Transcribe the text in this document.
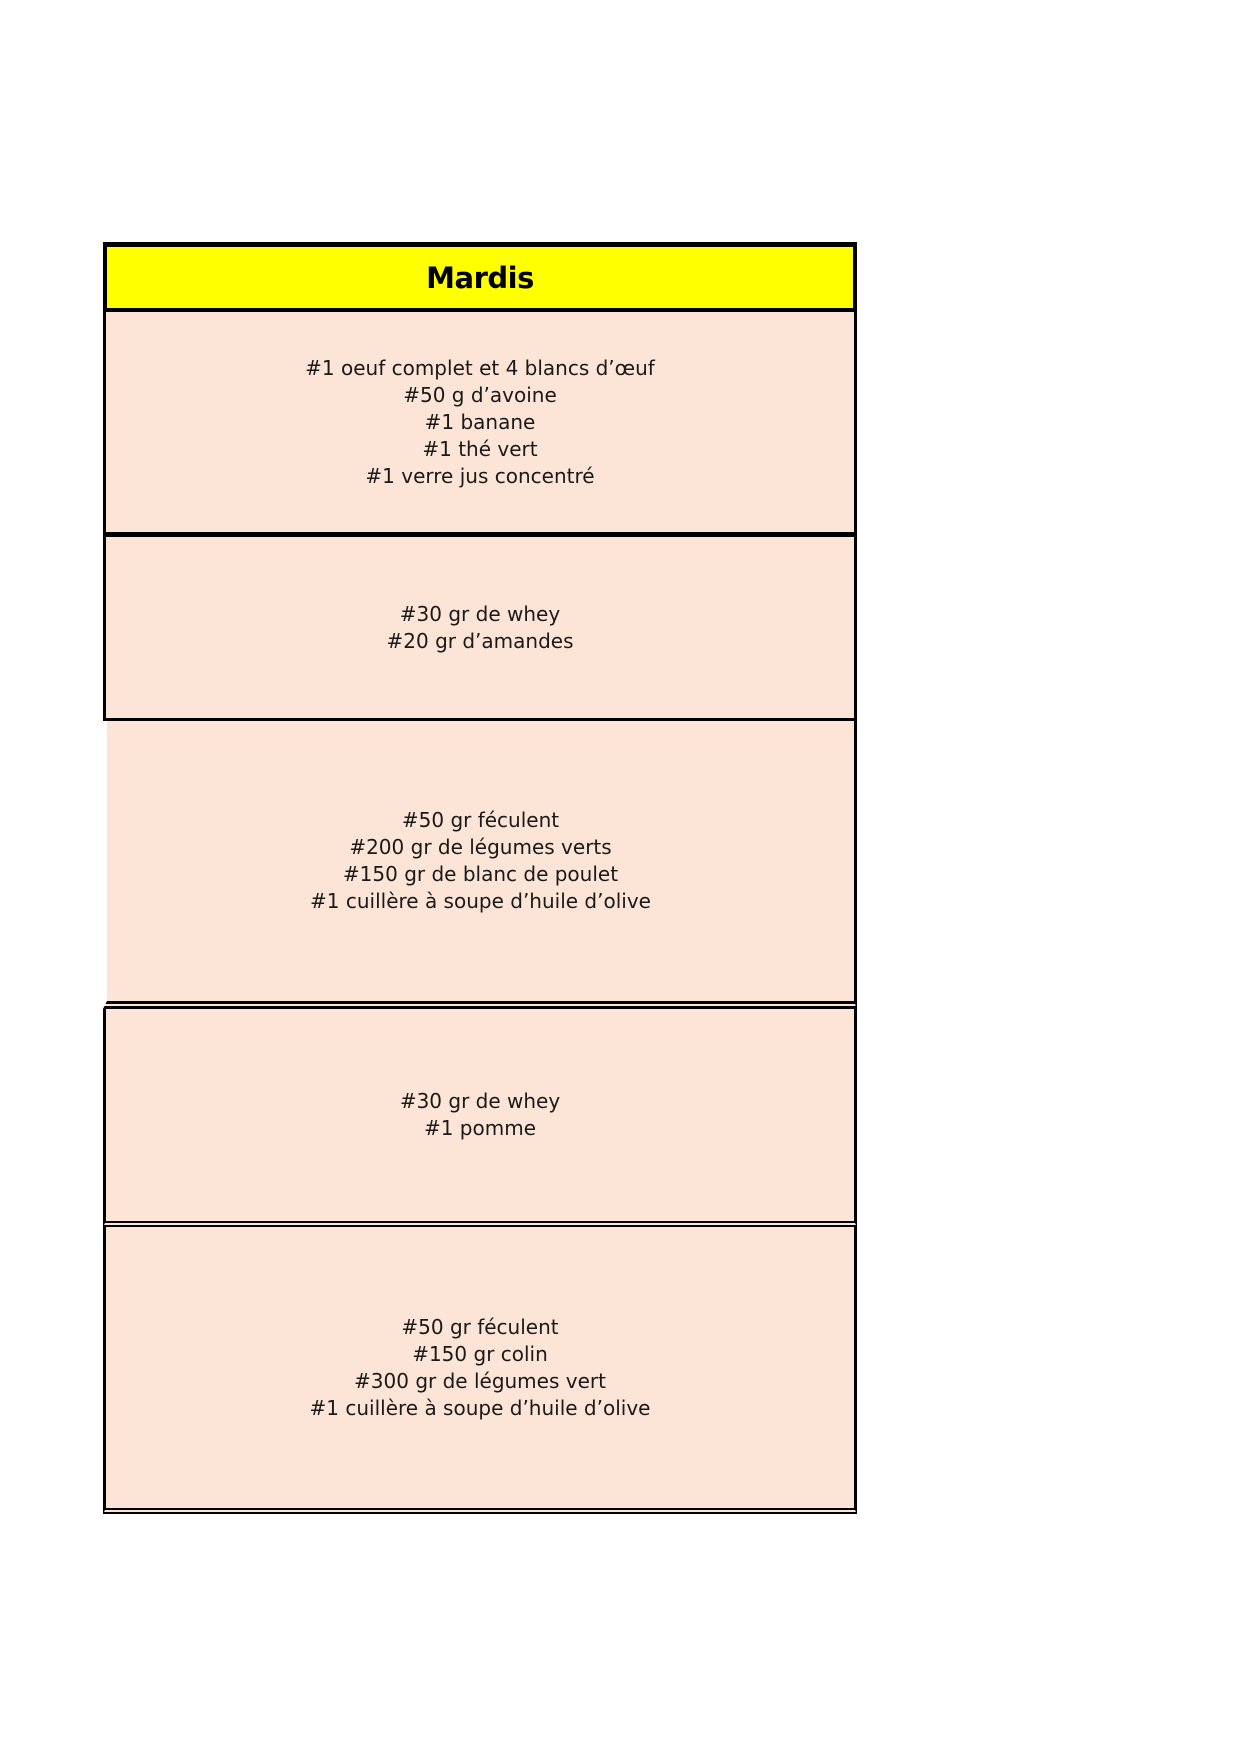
Mardis
#1 oeuf complet et 4 blancs d’œuf
#50 g d’avoine
#1 banane
#1 thé vert
#1 verre jus concentré
#30 gr de whey
#20 gr d’amandes
#50 gr féculent
#200 gr de légumes verts
#150 gr de blanc de poulet
#1 cuillère à soupe d’huile d’olive
#30 gr de whey
#1 pomme
#50 gr féculent
#150 gr colin
#300 gr de légumes vert
#1 cuillère à soupe d’huile d’olive
